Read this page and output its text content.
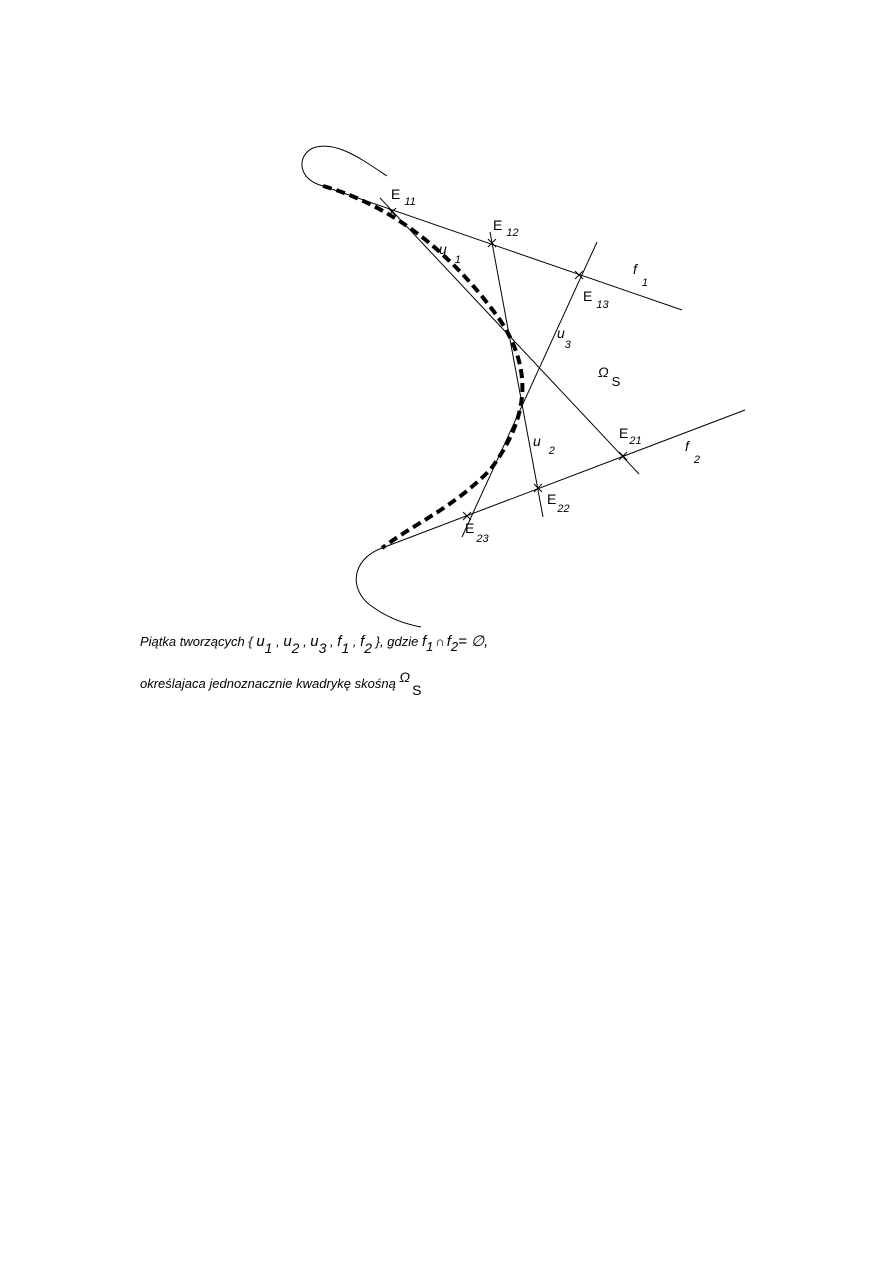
E $_{11}$
E $_{12}$
$E_{13}$
$E_{21}$
$E_{22}$
$E_{23}$
$u_1$
$u_2$
$u_3$
$f_1$
$f_2$
ΩS
Piątka tworzących { u1 , u2 , u3 , f1 , f2 }, gdzie f1 ∩ f2= ∅,
określajaca jednoznacznie kwadrykę skośną ΩS
